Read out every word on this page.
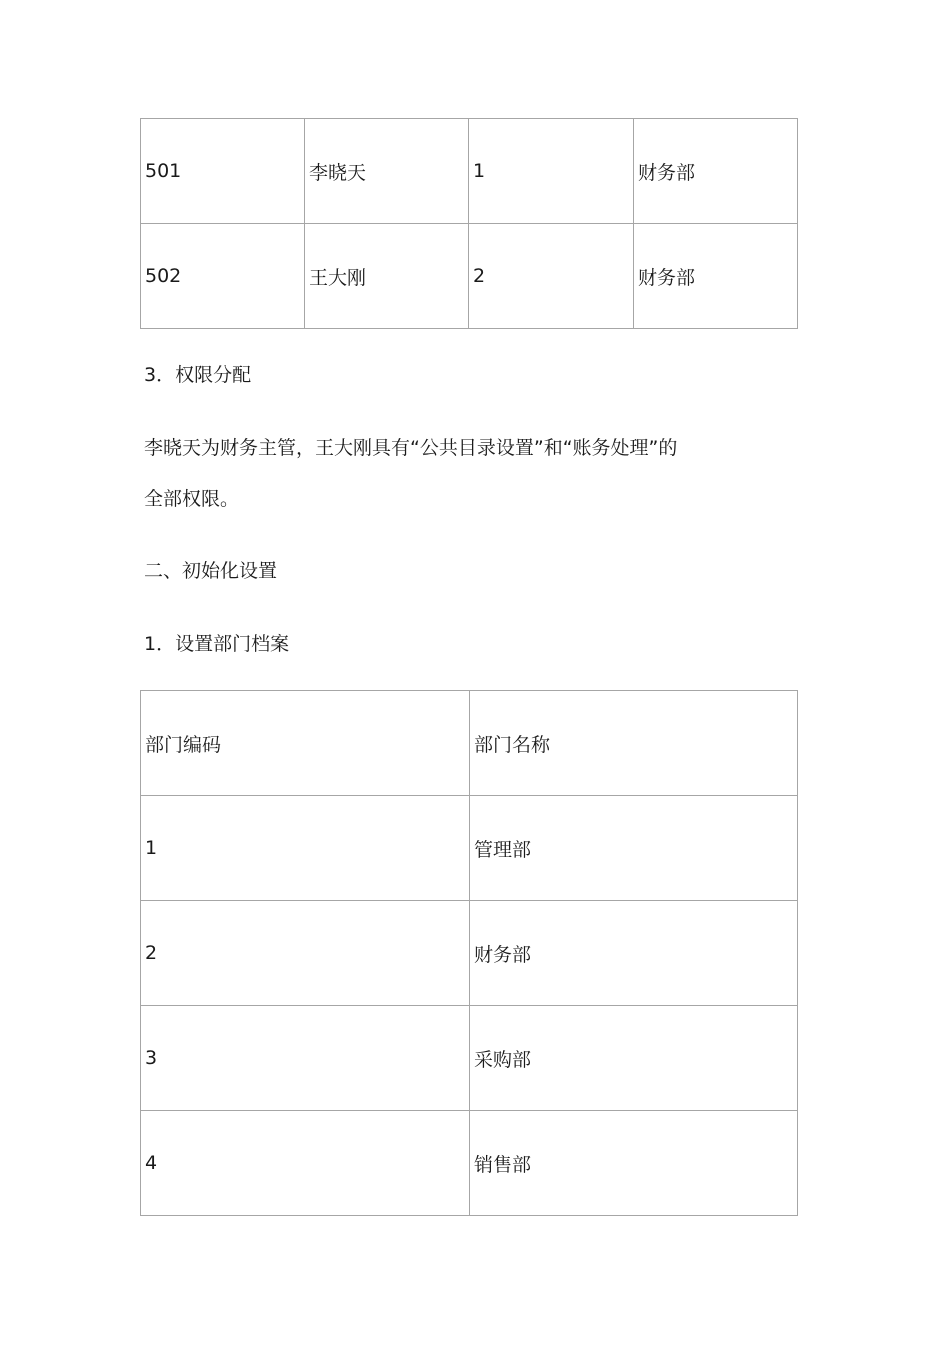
501	李晓天	1	财务部
502	王大刚	2	财务部
3．权限分配
李晓天为财务主管，王大刚具有“公共目录设置”和“账务处理”的
全部权限。
二、初始化设置
1．设置部门档案
部门编码	部门名称
1	管理部
2	财务部
3	采购部
4	销售部
